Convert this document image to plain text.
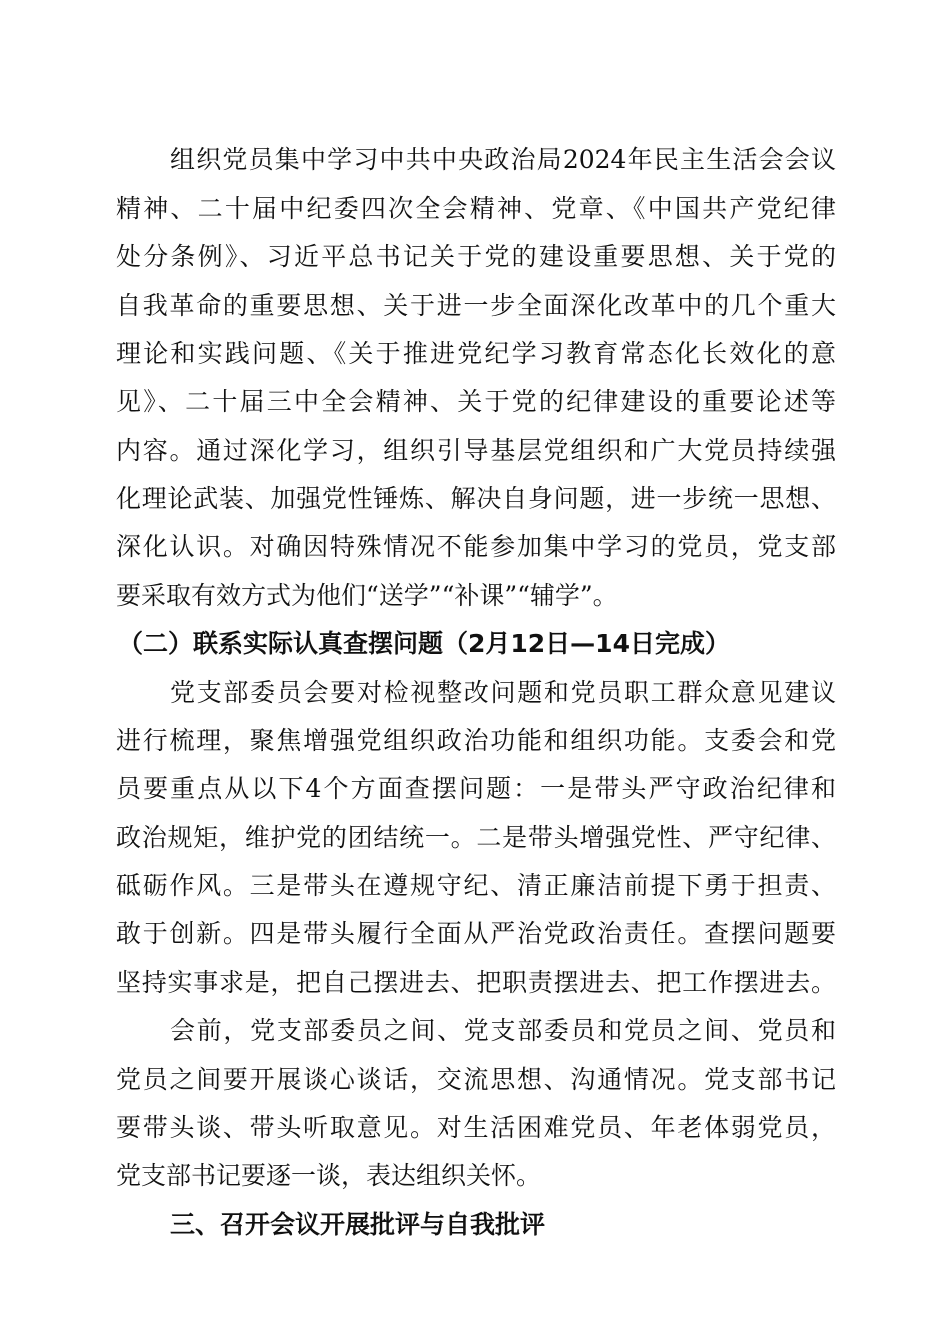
组织党员集中学习中共中央政治局2024年民主生活会会议
精神、二十届中纪委四次全会精神、党章、《中国共产党纪律
处分条例》、习近平总书记关于党的建设重要思想、关于党的
自我革命的重要思想、关于进一步全面深化改革中的几个重大
理论和实践问题、《关于推进党纪学习教育常态化长效化的意
见》、二十届三中全会精神、关于党的纪律建设的重要论述等
内容。通过深化学习，组织引导基层党组织和广大党员持续强
化理论武装、加强党性锤炼、解决自身问题，进一步统一思想、
深化认识。对确因特殊情况不能参加集中学习的党员，党支部
要采取有效方式为他们“送学”“补课”“辅学”。
（二）联系实际认真查摆问题（2月12日—14日完成）
党支部委员会要对检视整改问题和党员职工群众意见建议
进行梳理，聚焦增强党组织政治功能和组织功能。支委会和党
员要重点从以下4个方面查摆问题：一是带头严守政治纪律和
政治规矩，维护党的团结统一。二是带头增强党性、严守纪律、
砥砺作风。三是带头在遵规守纪、清正廉洁前提下勇于担责、
敢于创新。四是带头履行全面从严治党政治责任。查摆问题要
坚持实事求是，把自己摆进去、把职责摆进去、把工作摆进去。
会前，党支部委员之间、党支部委员和党员之间、党员和
党员之间要开展谈心谈话，交流思想、沟通情况。党支部书记
要带头谈、带头听取意见。对生活困难党员、年老体弱党员，
党支部书记要逐一谈，表达组织关怀。
三、召开会议开展批评与自我批评
